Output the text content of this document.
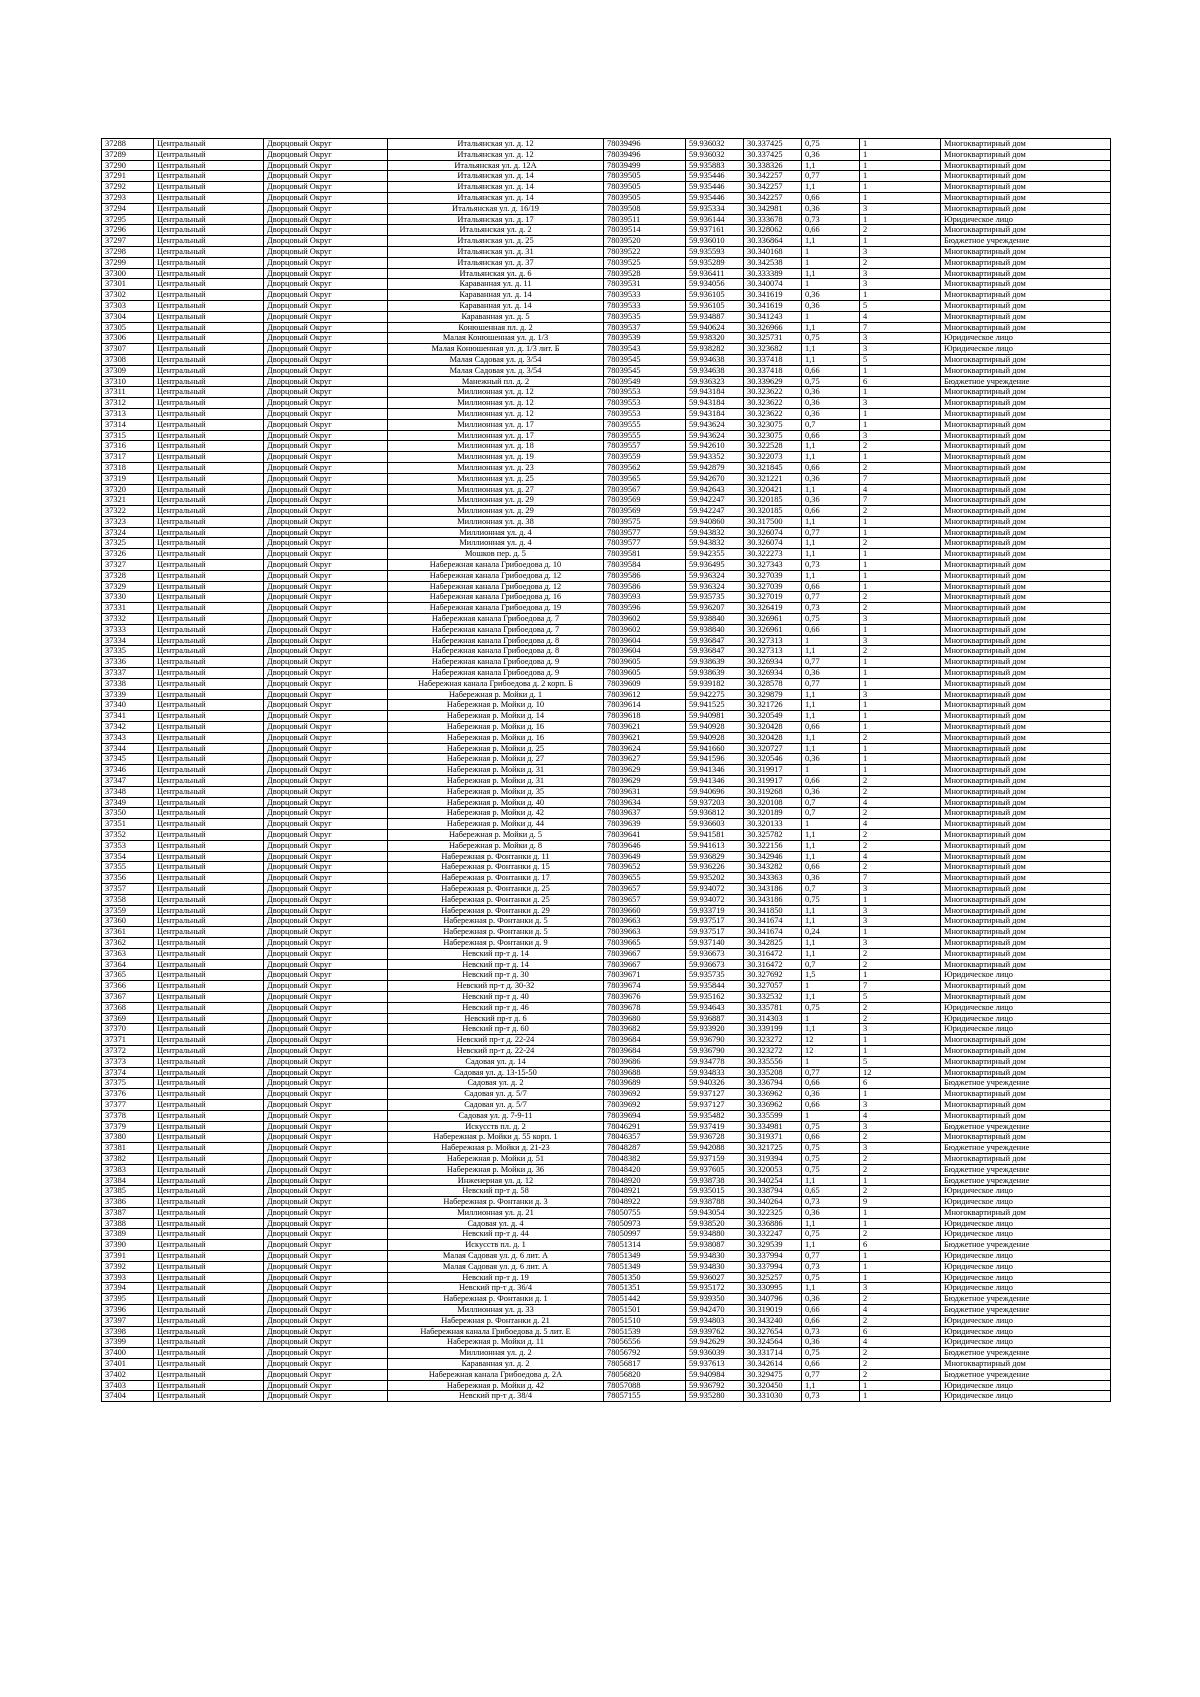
37288	Центральный	Дворцовый Округ	Итальянская ул. д. 12	78039496	59.936032	30.337425	0,75	1	Многоквартирный дом
37289	Центральный	Дворцовый Округ	Итальянская ул. д. 12	78039496	59.936032	30.337425	0,36	1	Многоквартирный дом
37290	Центральный	Дворцовый Округ	Итальянская ул. д. 12А	78039499	59.935883	30.338326	1,1	1	Многоквартирный дом
37291	Центральный	Дворцовый Округ	Итальянская ул. д. 14	78039505	59.935446	30.342257	0,77	1	Многоквартирный дом
37292	Центральный	Дворцовый Округ	Итальянская ул. д. 14	78039505	59.935446	30.342257	1,1	1	Многоквартирный дом
37293	Центральный	Дворцовый Округ	Итальянская ул. д. 14	78039505	59.935446	30.342257	0,66	1	Многоквартирный дом
37294	Центральный	Дворцовый Округ	Итальянская ул. д. 16/19	78039508	59.935334	30.342981	0,36	3	Многоквартирный дом
37295	Центральный	Дворцовый Округ	Итальянская ул. д. 17	78039511	59.936144	30.333678	0,73	1	Юридическое лицо
37296	Центральный	Дворцовый Округ	Итальянская ул. д. 2	78039514	59.937161	30.328062	0,66	2	Многоквартирный дом
37297	Центральный	Дворцовый Округ	Итальянская ул. д. 25	78039520	59.936010	30.336864	1,1	1	Бюджетное учреждение
37298	Центральный	Дворцовый Округ	Итальянская ул. д. 31	78039522	59.935593	30.340168	1	3	Многоквартирный дом
37299	Центральный	Дворцовый Округ	Итальянская ул. д. 37	78039525	59.935289	30.342538	1	2	Многоквартирный дом
37300	Центральный	Дворцовый Округ	Итальянская ул. д. 6	78039528	59.936411	30.333389	1,1	3	Многоквартирный дом
37301	Центральный	Дворцовый Округ	Караванная ул. д. 11	78039531	59.934056	30.340074	1	3	Многоквартирный дом
37302	Центральный	Дворцовый Округ	Караванная ул. д. 14	78039533	59.936105	30.341619	0,36	1	Многоквартирный дом
37303	Центральный	Дворцовый Округ	Караванная ул. д. 14	78039533	59.936105	30.341619	0,36	5	Многоквартирный дом
37304	Центральный	Дворцовый Округ	Караванная ул. д. 5	78039535	59.934887	30.341243	1	4	Многоквартирный дом
37305	Центральный	Дворцовый Округ	Конюшенная пл. д. 2	78039537	59.940624	30.326966	1,1	7	Многоквартирный дом
37306	Центральный	Дворцовый Округ	Малая Конюшенная ул. д. 1/3	78039539	59.938320	30.325731	0,75	3	Юридическое лицо
37307	Центральный	Дворцовый Округ	Малая Конюшенная ул. д. 1/3 лит. Б	78039543	59.938282	30.323682	1,1	3	Юридическое лицо
37308	Центральный	Дворцовый Округ	Малая Садовая ул. д. 3/54	78039545	59.934638	30.337418	1,1	5	Многоквартирный дом
37309	Центральный	Дворцовый Округ	Малая Садовая ул. д. 3/54	78039545	59.934638	30.337418	0,66	1	Многоквартирный дом
37310	Центральный	Дворцовый Округ	Манежный пл. д. 2	78039549	59.936323	30.339629	0,75	6	Бюджетное учреждение
37311	Центральный	Дворцовый Округ	Миллионная ул. д. 12	78039553	59.943184	30.323622	0,36	1	Многоквартирный дом
37312	Центральный	Дворцовый Округ	Миллионная ул. д. 12	78039553	59.943184	30.323622	0,36	3	Многоквартирный дом
37313	Центральный	Дворцовый Округ	Миллионная ул. д. 12	78039553	59.943184	30.323622	0,36	1	Многоквартирный дом
37314	Центральный	Дворцовый Округ	Миллионная ул. д. 17	78039555	59.943624	30.323075	0,7	1	Многоквартирный дом
37315	Центральный	Дворцовый Округ	Миллионная ул. д. 17	78039555	59.943624	30.323075	0,66	3	Многоквартирный дом
37316	Центральный	Дворцовый Округ	Миллионная ул. д. 18	78039557	59.942610	30.322528	1,1	2	Многоквартирный дом
37317	Центральный	Дворцовый Округ	Миллионная ул. д. 19	78039559	59.943352	30.322073	1,1	1	Многоквартирный дом
37318	Центральный	Дворцовый Округ	Миллионная ул. д. 23	78039562	59.942879	30.321845	0,66	2	Многоквартирный дом
37319	Центральный	Дворцовый Округ	Миллионная ул. д. 25	78039565	59.942670	30.321221	0,36	7	Многоквартирный дом
37320	Центральный	Дворцовый Округ	Миллионная ул. д. 27	78039567	59.942643	30.320421	1,1	4	Многоквартирный дом
37321	Центральный	Дворцовый Округ	Миллионная ул. д. 29	78039569	59.942247	30.320185	0,36	7	Многоквартирный дом
37322	Центральный	Дворцовый Округ	Миллионная ул. д. 29	78039569	59.942247	30.320185	0,66	2	Многоквартирный дом
37323	Центральный	Дворцовый Округ	Миллионная ул. д. 38	78039575	59.940860	30.317500	1,1	1	Многоквартирный дом
37324	Центральный	Дворцовый Округ	Миллионная ул. д. 4	78039577	59.943832	30.326074	0,77	1	Многоквартирный дом
37325	Центральный	Дворцовый Округ	Миллионная ул. д. 4	78039577	59.943832	30.326074	1,1	2	Многоквартирный дом
37326	Центральный	Дворцовый Округ	Мошков пер. д. 5	78039581	59.942355	30.322273	1,1	1	Многоквартирный дом
37327	Центральный	Дворцовый Округ	Набережная канала Грибоедова д. 10	78039584	59.936495	30.327343	0,73	1	Многоквартирный дом
37328	Центральный	Дворцовый Округ	Набережная канала Грибоедова д. 12	78039586	59.936324	30.327039	1,1	1	Многоквартирный дом
37329	Центральный	Дворцовый Округ	Набережная канала Грибоедова д. 12	78039586	59.936324	30.327039	0,66	1	Многоквартирный дом
37330	Центральный	Дворцовый Округ	Набережная канала Грибоедова д. 16	78039593	59.935735	30.327019	0,77	2	Многоквартирный дом
37331	Центральный	Дворцовый Округ	Набережная канала Грибоедова д. 19	78039596	59.936207	30.326419	0,73	2	Многоквартирный дом
37332	Центральный	Дворцовый Округ	Набережная канала Грибоедова д. 7	78039602	59.938840	30.326961	0,75	3	Многоквартирный дом
37333	Центральный	Дворцовый Округ	Набережная канала Грибоедова д. 7	78039602	59.938840	30.326961	0,66	1	Многоквартирный дом
37334	Центральный	Дворцовый Округ	Набережная канала Грибоедова д. 8	78039604	59.936847	30.327313	1	3	Многоквартирный дом
37335	Центральный	Дворцовый Округ	Набережная канала Грибоедова д. 8	78039604	59.936847	30.327313	1,1	2	Многоквартирный дом
37336	Центральный	Дворцовый Округ	Набережная канала Грибоедова д. 9	78039605	59.938639	30.326934	0,77	1	Многоквартирный дом
37337	Центральный	Дворцовый Округ	Набережная канала Грибоедова д. 9	78039605	59.938639	30.326934	0,36	1	Многоквартирный дом
37338	Центральный	Дворцовый Округ	Набережная канала Грибоедова д. 2 корп. Б	78039609	59.939182	30.328578	0,77	1	Многоквартирный дом
37339	Центральный	Дворцовый Округ	Набережная р. Мойки д. 1	78039612	59.942275	30.329879	1,1	3	Многоквартирный дом
37340	Центральный	Дворцовый Округ	Набережная р. Мойки д. 10	78039614	59.941525	30.321726	1,1	1	Многоквартирный дом
37341	Центральный	Дворцовый Округ	Набережная р. Мойки д. 14	78039618	59.940981	30.320549	1,1	1	Многоквартирный дом
37342	Центральный	Дворцовый Округ	Набережная р. Мойки д. 16	78039621	59.940928	30.320428	0,66	1	Многоквартирный дом
37343	Центральный	Дворцовый Округ	Набережная р. Мойки д. 16	78039621	59.940928	30.320428	1,1	2	Многоквартирный дом
37344	Центральный	Дворцовый Округ	Набережная р. Мойки д. 25	78039624	59.941660	30.320727	1,1	1	Многоквартирный дом
37345	Центральный	Дворцовый Округ	Набережная р. Мойки д. 27	78039627	59.941596	30.320546	0,36	1	Многоквартирный дом
37346	Центральный	Дворцовый Округ	Набережная р. Мойки д. 31	78039629	59.941346	30.319917	1	1	Многоквартирный дом
37347	Центральный	Дворцовый Округ	Набережная р. Мойки д. 31	78039629	59.941346	30.319917	0,66	2	Многоквартирный дом
37348	Центральный	Дворцовый Округ	Набережная р. Мойки д. 35	78039631	59.940696	30.319268	0,36	2	Многоквартирный дом
37349	Центральный	Дворцовый Округ	Набережная р. Мойки д. 40	78039634	59.937203	30.320108	0,7	4	Многоквартирный дом
37350	Центральный	Дворцовый Округ	Набережная р. Мойки д. 42	78039637	59.936812	30.320189	0,7	2	Многоквартирный дом
37351	Центральный	Дворцовый Округ	Набережная р. Мойки д. 44	78039639	59.936603	30.320133	1	4	Многоквартирный дом
37352	Центральный	Дворцовый Округ	Набережная р. Мойки д. 5	78039641	59.941581	30.325782	1,1	2	Многоквартирный дом
37353	Центральный	Дворцовый Округ	Набережная р. Мойки д. 8	78039646	59.941613	30.322156	1,1	2	Многоквартирный дом
37354	Центральный	Дворцовый Округ	Набережная р. Фонтанки д. 11	78039649	59.936829	30.342946	1,1	4	Многоквартирный дом
37355	Центральный	Дворцовый Округ	Набережная р. Фонтанки д. 15	78039652	59.936226	30.343282	0,66	2	Многоквартирный дом
37356	Центральный	Дворцовый Округ	Набережная р. Фонтанки д. 17	78039655	59.935202	30.343363	0,36	7	Многоквартирный дом
37357	Центральный	Дворцовый Округ	Набережная р. Фонтанки д. 25	78039657	59.934072	30.343186	0,7	3	Многоквартирный дом
37358	Центральный	Дворцовый Округ	Набережная р. Фонтанки д. 25	78039657	59.934072	30.343186	0,75	1	Многоквартирный дом
37359	Центральный	Дворцовый Округ	Набережная р. Фонтанки д. 29	78039660	59.933719	30.341850	1,1	3	Многоквартирный дом
37360	Центральный	Дворцовый Округ	Набережная р. Фонтанки д. 5	78039663	59.937517	30.341674	1,1	3	Многоквартирный дом
37361	Центральный	Дворцовый Округ	Набережная р. Фонтанки д. 5	78039663	59.937517	30.341674	0,24	1	Многоквартирный дом
37362	Центральный	Дворцовый Округ	Набережная р. Фонтанки д. 9	78039665	59.937140	30.342825	1,1	3	Многоквартирный дом
37363	Центральный	Дворцовый Округ	Невский пр-т д. 14	78039667	59.936673	30.316472	1,1	2	Многоквартирный дом
37364	Центральный	Дворцовый Округ	Невский пр-т д. 14	78039667	59.936673	30.316472	0,7	2	Многоквартирный дом
37365	Центральный	Дворцовый Округ	Невский пр-т д. 30	78039671	59.935735	30.327692	1,5	1	Юридическое лицо
37366	Центральный	Дворцовый Округ	Невский пр-т д. 30-32	78039674	59.935844	30.327057	1	7	Многоквартирный дом
37367	Центральный	Дворцовый Округ	Невский пр-т д. 40	78039676	59.935162	30.332532	1,1	5	Многоквартирный дом
37368	Центральный	Дворцовый Округ	Невский пр-т д. 46	78039678	59.934643	30.335781	0,75	2	Юридическое лицо
37369	Центральный	Дворцовый Округ	Невский пр-т д. 6	78039680	59.936887	30.314303	1	2	Юридическое лицо
37370	Центральный	Дворцовый Округ	Невский пр-т д. 60	78039682	59.933920	30.339199	1,1	3	Юридическое лицо
37371	Центральный	Дворцовый Округ	Невский пр-т д. 22-24	78039684	59.936790	30.323272	12	1	Многоквартирный дом
37372	Центральный	Дворцовый Округ	Невский пр-т д. 22-24	78039684	59.936790	30.323272	12	1	Многоквартирный дом
37373	Центральный	Дворцовый Округ	Садовая ул. д. 14	78039686	59.934778	30.335556	1	5	Многоквартирный дом
37374	Центральный	Дворцовый Округ	Садовая ул. д. 13-15-50	78039688	59.934833	30.335208	0,77	12	Многоквартирный дом
37375	Центральный	Дворцовый Округ	Садовая ул. д. 2	78039689	59.940326	30.336794	0,66	6	Бюджетное учреждение
37376	Центральный	Дворцовый Округ	Садовая ул. д. 5/7	78039692	59.937127	30.336962	0,36	1	Многоквартирный дом
37377	Центральный	Дворцовый Округ	Садовая ул. д. 5/7	78039692	59.937127	30.336962	0,66	3	Многоквартирный дом
37378	Центральный	Дворцовый Округ	Садовая ул. д. 7-9-11	78039694	59.935482	30.335599	1	4	Многоквартирный дом
37379	Центральный	Дворцовый Округ	Искусств пл. д. 2	78046291	59.937419	30.334981	0,75	3	Бюджетное учреждение
37380	Центральный	Дворцовый Округ	Набережная р. Мойки д. 55 корп. 1	78046357	59.936728	30.319371	0,66	2	Многоквартирный дом
37381	Центральный	Дворцовый Округ	Набережная р. Мойки д. 21-23	78048287	59.942088	30.321725	0,75	3	Бюджетное учреждение
37382	Центральный	Дворцовый Округ	Набережная р. Мойки д. 51	78048382	59.937159	30.319394	0,75	2	Многоквартирный дом
37383	Центральный	Дворцовый Округ	Набережная р. Мойки д. 36	78048420	59.937605	30.320053	0,75	2	Бюджетное учреждение
37384	Центральный	Дворцовый Округ	Инженерная ул. д. 12	78048920	59.938738	30.340254	1,1	1	Бюджетное учреждение
37385	Центральный	Дворцовый Округ	Невский пр-т д. 58	78048921	59.935015	30.338794	0,65	2	Юридическое лицо
37386	Центральный	Дворцовый Округ	Набережная р. Фонтанки д. 3	78048922	59.938788	30.340264	0,73	9	Юридическое лицо
37387	Центральный	Дворцовый Округ	Миллионная ул. д. 21	78050755	59.943054	30.322325	0,36	1	Многоквартирный дом
37388	Центральный	Дворцовый Округ	Садовая ул. д. 4	78050973	59.938520	30.336886	1,1	1	Юридическое лицо
37389	Центральный	Дворцовый Округ	Невский пр-т д. 44	78050997	59.934880	30.332247	0,75	2	Юридическое лицо
37390	Центральный	Дворцовый Округ	Искусств пл. д. 1	78051314	59.938087	30.329539	1,1	6	Бюджетное учреждение
37391	Центральный	Дворцовый Округ	Малая Садовая ул. д. 6 лит. А	78051349	59.934830	30.337994	0,77	1	Юридическое лицо
37392	Центральный	Дворцовый Округ	Малая Садовая ул. д. 6 лит. А	78051349	59.934830	30.337994	0,73	1	Юридическое лицо
37393	Центральный	Дворцовый Округ	Невский пр-т д. 19	78051350	59.936027	30.325257	0,75	1	Юридическое лицо
37394	Центральный	Дворцовый Округ	Невский пр-т д. 36/4	78051351	59.935172	30.330995	1,1	3	Юридическое лицо
37395	Центральный	Дворцовый Округ	Набережная р. Фонтанки д. 1	78051442	59.939350	30.340796	0,36	2	Бюджетное учреждение
37396	Центральный	Дворцовый Округ	Миллионная ул. д. 33	78051501	59.942470	30.319019	0,66	4	Бюджетное учреждение
37397	Центральный	Дворцовый Округ	Набережная р. Фонтанки д. 21	78051510	59.934803	30.343240	0,66	2	Юридическое лицо
37398	Центральный	Дворцовый Округ	Набережная канала Грибоедова д. 5 лит. Е	78051539	59.939762	30.327654	0,73	6	Юридическое лицо
37399	Центральный	Дворцовый Округ	Набережная р. Мойки д. 11	78056556	59.942629	30.324564	0,36	4	Юридическое лицо
37400	Центральный	Дворцовый Округ	Миллионная ул. д. 2	78056792	59.936039	30.331714	0,75	2	Бюджетное учреждение
37401	Центральный	Дворцовый Округ	Караванная ул. д. 2	78056817	59.937613	30.342614	0,66	2	Многоквартирный дом
37402	Центральный	Дворцовый Округ	Набережная канала Грибоедова д. 2А	78056820	59.940984	30.329475	0,77	2	Бюджетное учреждение
37403	Центральный	Дворцовый Округ	Набережная р. Мойки д. 42	78057088	59.936792	30.320450	1,1	1	Юридическое лицо
37404	Центральный	Дворцовый Округ	Невский пр-т д. 38/4	78057155	59.935280	30.331030	0,73	1	Юридическое лицо
